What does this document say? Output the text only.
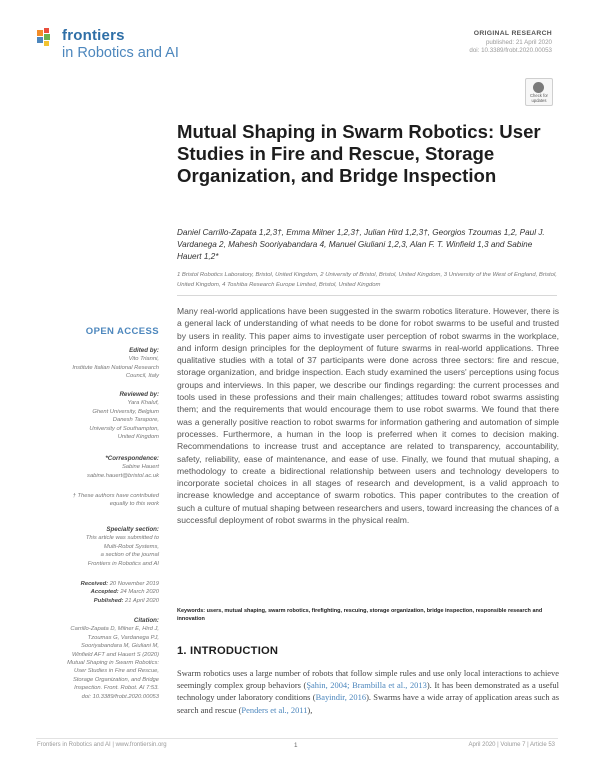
frontiers
in Robotics and AI
ORIGINAL RESEARCH
published: 21 April 2020
doi: 10.3389/frobt.2020.00053
Check for updates
Mutual Shaping in Swarm Robotics: User Studies in Fire and Rescue, Storage Organization, and Bridge Inspection
Daniel Carrillo-Zapata 1,2,3†, Emma Milner 1,2,3†, Julian Hird 1,2,3†, Georgios Tzoumas 1,2, Paul J. Vardanega 2, Mahesh Sooriyabandara 4, Manuel Giuliani 1,2,3, Alan F. T. Winfield 1,3 and Sabine Hauert 1,2*
1 Bristol Robotics Laboratory, Bristol, United Kingdom, 2 University of Bristol, Bristol, United Kingdom, 3 University of the West of England, Bristol, United Kingdom, 4 Toshiba Research Europe Limited, Bristol, United Kingdom
OPEN ACCESS
Edited by:
Vito Trianni,
Institute Italian National Research
Council, Italy
Reviewed by:
Yara Khaluf,
Ghent University, Belgium
Danesh Tarapore,
University of Southampton,
United Kingdom
*Correspondence:
Sabine Hauert
sabine.hauert@bristol.ac.uk
† These authors have contributed
equally to this work
Specialty section:
This article was submitted to
Multi-Robot Systems,
a section of the journal
Frontiers in Robotics and AI
Received: 20 November 2019
Accepted: 24 March 2020
Published: 21 April 2020
Citation:
Carrillo-Zapata D, Milner E, Hird J,
Tzoumas G, Vardanega PJ,
Sooriyabandara M, Giuliani M,
Winfield AFT and Hauert S (2020)
Mutual Shaping in Swarm Robotics:
User Studies in Fire and Rescue,
Storage Organization, and Bridge
Inspection. Front. Robot. AI 7:53.
doi: 10.3389/frobt.2020.00053
Many real-world applications have been suggested in the swarm robotics literature. However, there is a general lack of understanding of what needs to be done for robot swarms to be useful and trusted by users in reality. This paper aims to investigate user perception of robot swarms in the workplace, and inform design principles for the deployment of future swarms in real-world applications. Three qualitative studies with a total of 37 participants were done across three sectors: fire and rescue, storage organization, and bridge inspection. Each study examined the users' perceptions using focus groups and interviews. In this paper, we describe our findings regarding: the current processes and tools used in these professions and their main challenges; attitudes toward robot swarms assisting them; and the requirements that would encourage them to use robot swarms. We found that there was a generally positive reaction to robot swarms for information gathering and automation of simple processes. Furthermore, a human in the loop is preferred when it comes to decision making. Recommendations to increase trust and acceptance are related to transparency, accountability, safety, reliability, ease of maintenance, and ease of use. Finally, we found that mutual shaping, a methodology to create a bidirectional relationship between users and technology developers to incorporate societal choices in all stages of research and development, is a valid approach to increase knowledge and acceptance of swarm robotics. This paper contributes to the creation of such a culture of mutual shaping between researchers and users, toward increasing the chances of a successful deployment of robot swarms in the physical realm.
Keywords: users, mutual shaping, swarm robotics, firefighting, rescuing, storage organization, bridge inspection, responsible research and innovation
1. INTRODUCTION
Swarm robotics uses a large number of robots that follow simple rules and use only local interactions to achieve seemingly complex group behaviors (Şahin, 2004; Brambilla et al., 2013). It has been demonstrated as a useful technology under laboratory conditions (Bayindir, 2016). Swarms have a wide array of application areas such as search and rescue (Penders et al., 2011),
Frontiers in Robotics and AI | www.frontiersin.org	1	April 2020 | Volume 7 | Article 53
